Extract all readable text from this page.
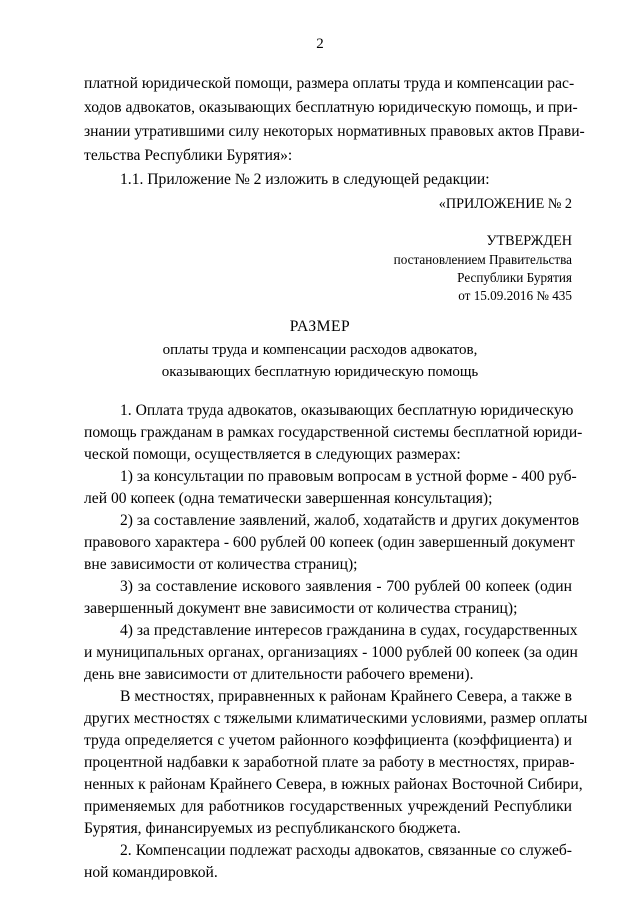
2
платной юридической помощи, размера оплаты труда и компенсации рас-
ходов адвокатов, оказывающих бесплатную юридическую помощь, и при-
знании утратившими силу некоторых нормативных правовых актов Прави-
тельства Республики Бурятия»:
1.1. Приложение № 2 изложить в следующей редакции:
«ПРИЛОЖЕНИЕ № 2
УТВЕРЖДЕН
постановлением Правительства
Республики Бурятия
от 15.09.2016 № 435
РАЗМЕР
оплаты труда и компенсации расходов адвокатов,
оказывающих бесплатную юридическую помощь
1. Оплата труда адвокатов, оказывающих бесплатную юридическую
помощь гражданам в рамках государственной системы бесплатной юриди-
ческой помощи, осуществляется в следующих размерах:
1) за консультации по правовым вопросам в устной форме - 400 руб-
лей 00 копеек (одна тематически завершенная консультация);
2) за составление заявлений, жалоб, ходатайств и других документов
правового характера - 600 рублей 00 копеек (один завершенный документ
вне зависимости от количества страниц);
3) за составление искового заявления - 700 рублей 00 копеек (один
завершенный документ вне зависимости от количества страниц);
4) за представление интересов гражданина в судах, государственных
и муниципальных органах, организациях - 1000 рублей 00 копеек (за один
день вне зависимости от длительности рабочего времени).
В местностях, приравненных к районам Крайнего Севера, а также в
других местностях с тяжелыми климатическими условиями, размер оплаты
труда определяется с учетом районного коэффициента (коэффициента) и
процентной надбавки к заработной плате за работу в местностях, прирав-
ненных к районам Крайнего Севера, в южных районах Восточной Сибири,
применяемых для работников государственных учреждений Республики
Бурятия, финансируемых из республиканского бюджета.
2. Компенсации подлежат расходы адвокатов, связанные со служеб-
ной командировкой.
